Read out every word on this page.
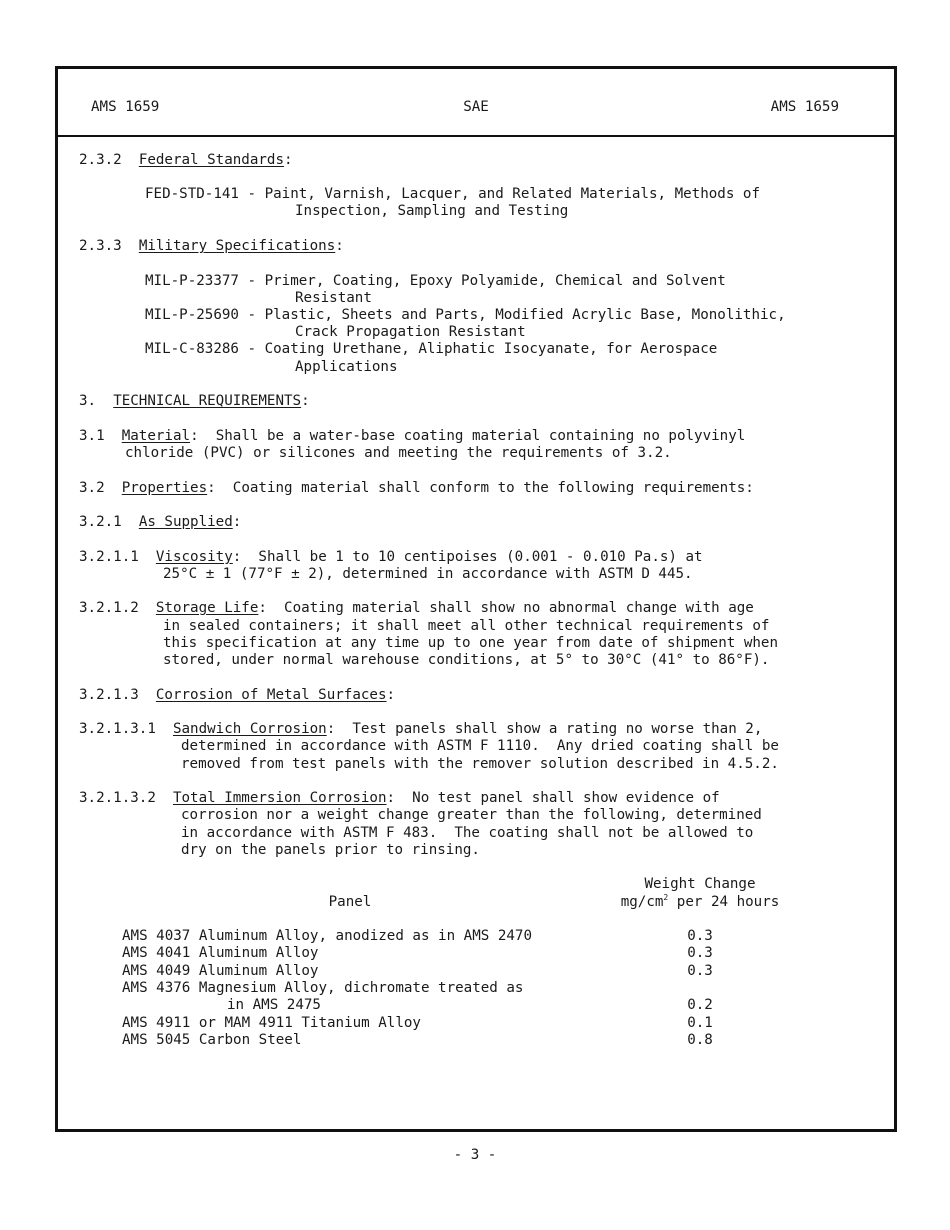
AMS 1659	SAE	AMS 1659
2.3.2 Federal Standards:
FED-STD-141 - Paint, Varnish, Lacquer, and Related Materials, Methods of
Inspection, Sampling and Testing
2.3.3 Military Specifications:
MIL-P-23377 - Primer, Coating, Epoxy Polyamide, Chemical and Solvent
Resistant
MIL-P-25690 - Plastic, Sheets and Parts, Modified Acrylic Base, Monolithic,
Crack Propagation Resistant
MIL-C-83286 - Coating Urethane, Aliphatic Isocyanate, for Aerospace
Applications
3. TECHNICAL REQUIREMENTS:
3.1 Material: Shall be a water-base coating material containing no polyvinyl
chloride (PVC) or silicones and meeting the requirements of 3.2.
3.2 Properties: Coating material shall conform to the following requirements:
3.2.1 As Supplied:
3.2.1.1 Viscosity: Shall be 1 to 10 centipoises (0.001 - 0.010 Pa.s) at
25°C ± 1 (77°F ± 2), determined in accordance with ASTM D 445.
3.2.1.2 Storage Life: Coating material shall show no abnormal change with age
in sealed containers; it shall meet all other technical requirements of
this specification at any time up to one year from date of shipment when
stored, under normal warehouse conditions, at 5° to 30°C (41° to 86°F).
3.2.1.3 Corrosion of Metal Surfaces:
3.2.1.3.1 Sandwich Corrosion: Test panels shall show a rating no worse than 2,
determined in accordance with ASTM F 1110.  Any dried coating shall be
removed from test panels with the remover solution described in 4.5.2.
3.2.1.3.2 Total Immersion Corrosion: No test panel shall show evidence of
corrosion nor a weight change greater than the following, determined
in accordance with ASTM F 483.  The coating shall not be allowed to
dry on the panels prior to rinsing.
Weight Change
Panel	$mg/cm^2$ per 24 hours
AMS 4037 Aluminum Alloy, anodized as in AMS 2470	0.3
AMS 4041 Aluminum Alloy	0.3
AMS 4049 Aluminum Alloy	0.3
AMS 4376 Magnesium Alloy, dichromate treated as
in AMS 2475	0.2
AMS 4911 or MAM 4911 Titanium Alloy	0.1
AMS 5045 Carbon Steel	0.8
- 3 -
